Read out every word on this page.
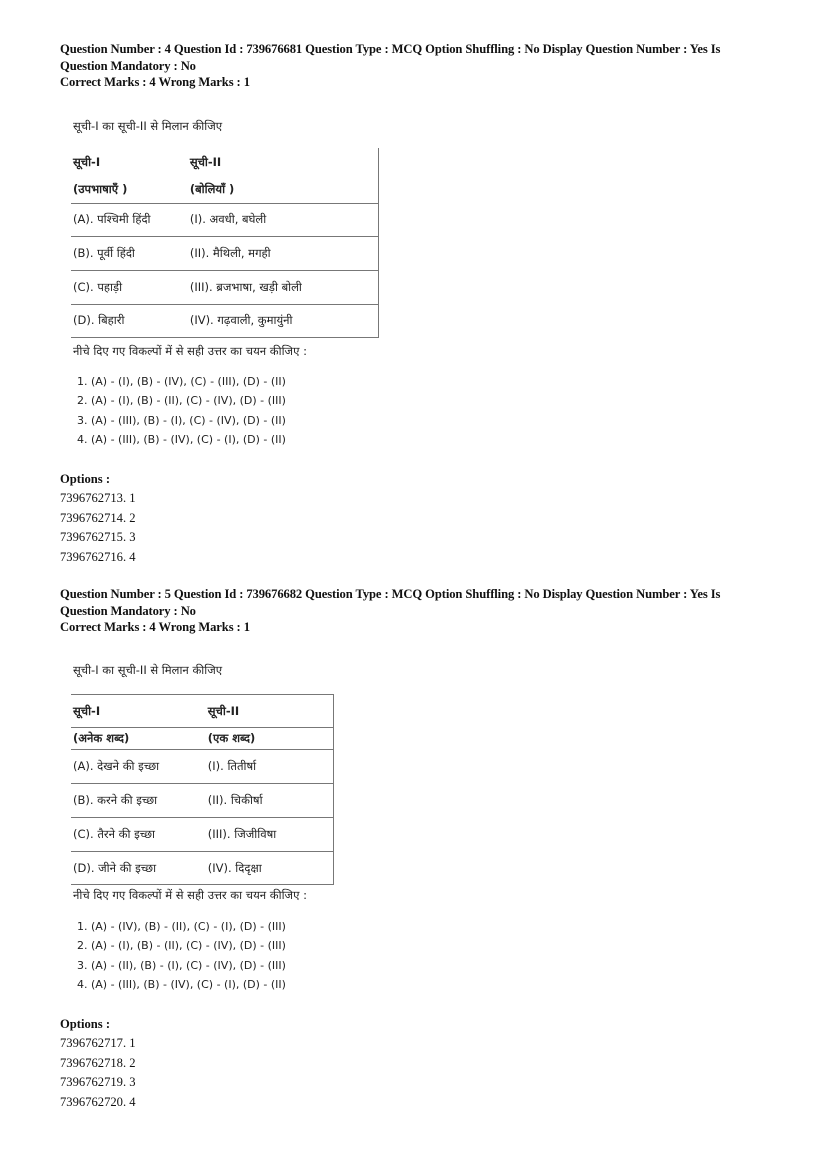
Question Number : 4 Question Id : 739676681 Question Type : MCQ Option Shuffling : No Display Question Number : Yes Is
Question Mandatory : No
Correct Marks : 4 Wrong Marks : 1
सूची-I का सूची-II से मिलान कीजिए
सूची-I	सूची-II
(उपभाषाएँ )	(बोलियाँ )
(A). पश्चिमी हिंदी	(I). अवधी, बघेली
(B). पूर्वी हिंदी	(II). मैथिली, मगही
(C). पहाड़ी	(III). ब्रजभाषा, खड़ी बोली
(D). बिहारी	(IV). गढ़वाली, कुमायुंनी
नीचे दिए गए विकल्पों में से सही उत्तर का चयन कीजिए :
1. (A) - (I), (B) - (IV), (C) - (III), (D) - (II)
2. (A) - (I), (B) - (II), (C) - (IV), (D) - (III)
3. (A) - (III), (B) - (I), (C) - (IV), (D) - (II)
4. (A) - (III), (B) - (IV), (C) - (I), (D) - (II)
Options :
7396762713. 1
7396762714. 2
7396762715. 3
7396762716. 4
Question Number : 5 Question Id : 739676682 Question Type : MCQ Option Shuffling : No Display Question Number : Yes Is
Question Mandatory : No
Correct Marks : 4 Wrong Marks : 1
सूची-I का सूची-II से मिलान कीजिए
सूची-I	सूची-II
(अनेक शब्द)	(एक शब्द)
(A). देखने की इच्छा	(I). तितीर्षा
(B). करने की इच्छा	(II). चिकीर्षा
(C). तैरने की इच्छा	(III). जिजीविषा
(D). जीने की इच्छा	(IV). दिदृक्षा
नीचे दिए गए विकल्पों में से सही उत्तर का चयन कीजिए :
1. (A) - (IV), (B) - (II), (C) - (I), (D) - (III)
2. (A) - (I), (B) - (II), (C) - (IV), (D) - (III)
3. (A) - (II), (B) - (I), (C) - (IV), (D) - (III)
4. (A) - (III), (B) - (IV), (C) - (I), (D) - (II)
Options :
7396762717. 1
7396762718. 2
7396762719. 3
7396762720. 4
